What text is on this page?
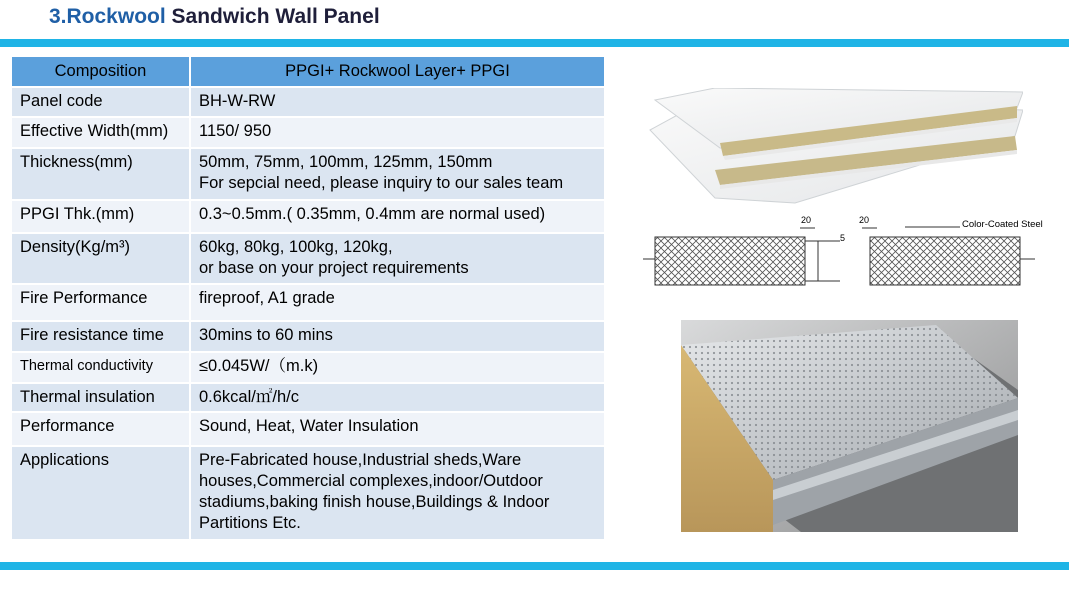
3.Rockwool Sandwich Wall Panel
Composition	PPGI+ Rockwool Layer+ PPGI
Panel code	BH-W-RW

Effective Width(mm)	1150/ 950

Thickness(mm)	50mm, 75mm, 100mm, 125mm, 150mm
For sepcial need, please inquiry to our sales team

PPGI Thk.(mm)	0.3~0.5mm.( 0.35mm, 0.4mm are normal used)

Density(Kg/m³)	60kg, 80kg, 100kg, 120kg,
or base on your project requirements

Fire Performance	fireproof, A1 grade

Fire resistance time	30mins to 60 mins

Thermal conductivity	≤0.045W/（m.k)

Thermal insulation	0.6kcal/㎡/h/c

Performance	Sound, Heat, Water Insulation

Applications	Pre-Fabricated house,Industrial sheds,Ware
houses,Commercial complexes,indoor/Outdoor
stadiums,baking finish house,Buildings & Indoor
Partitions Etc.
20	20
5
Color-Coated Steel
